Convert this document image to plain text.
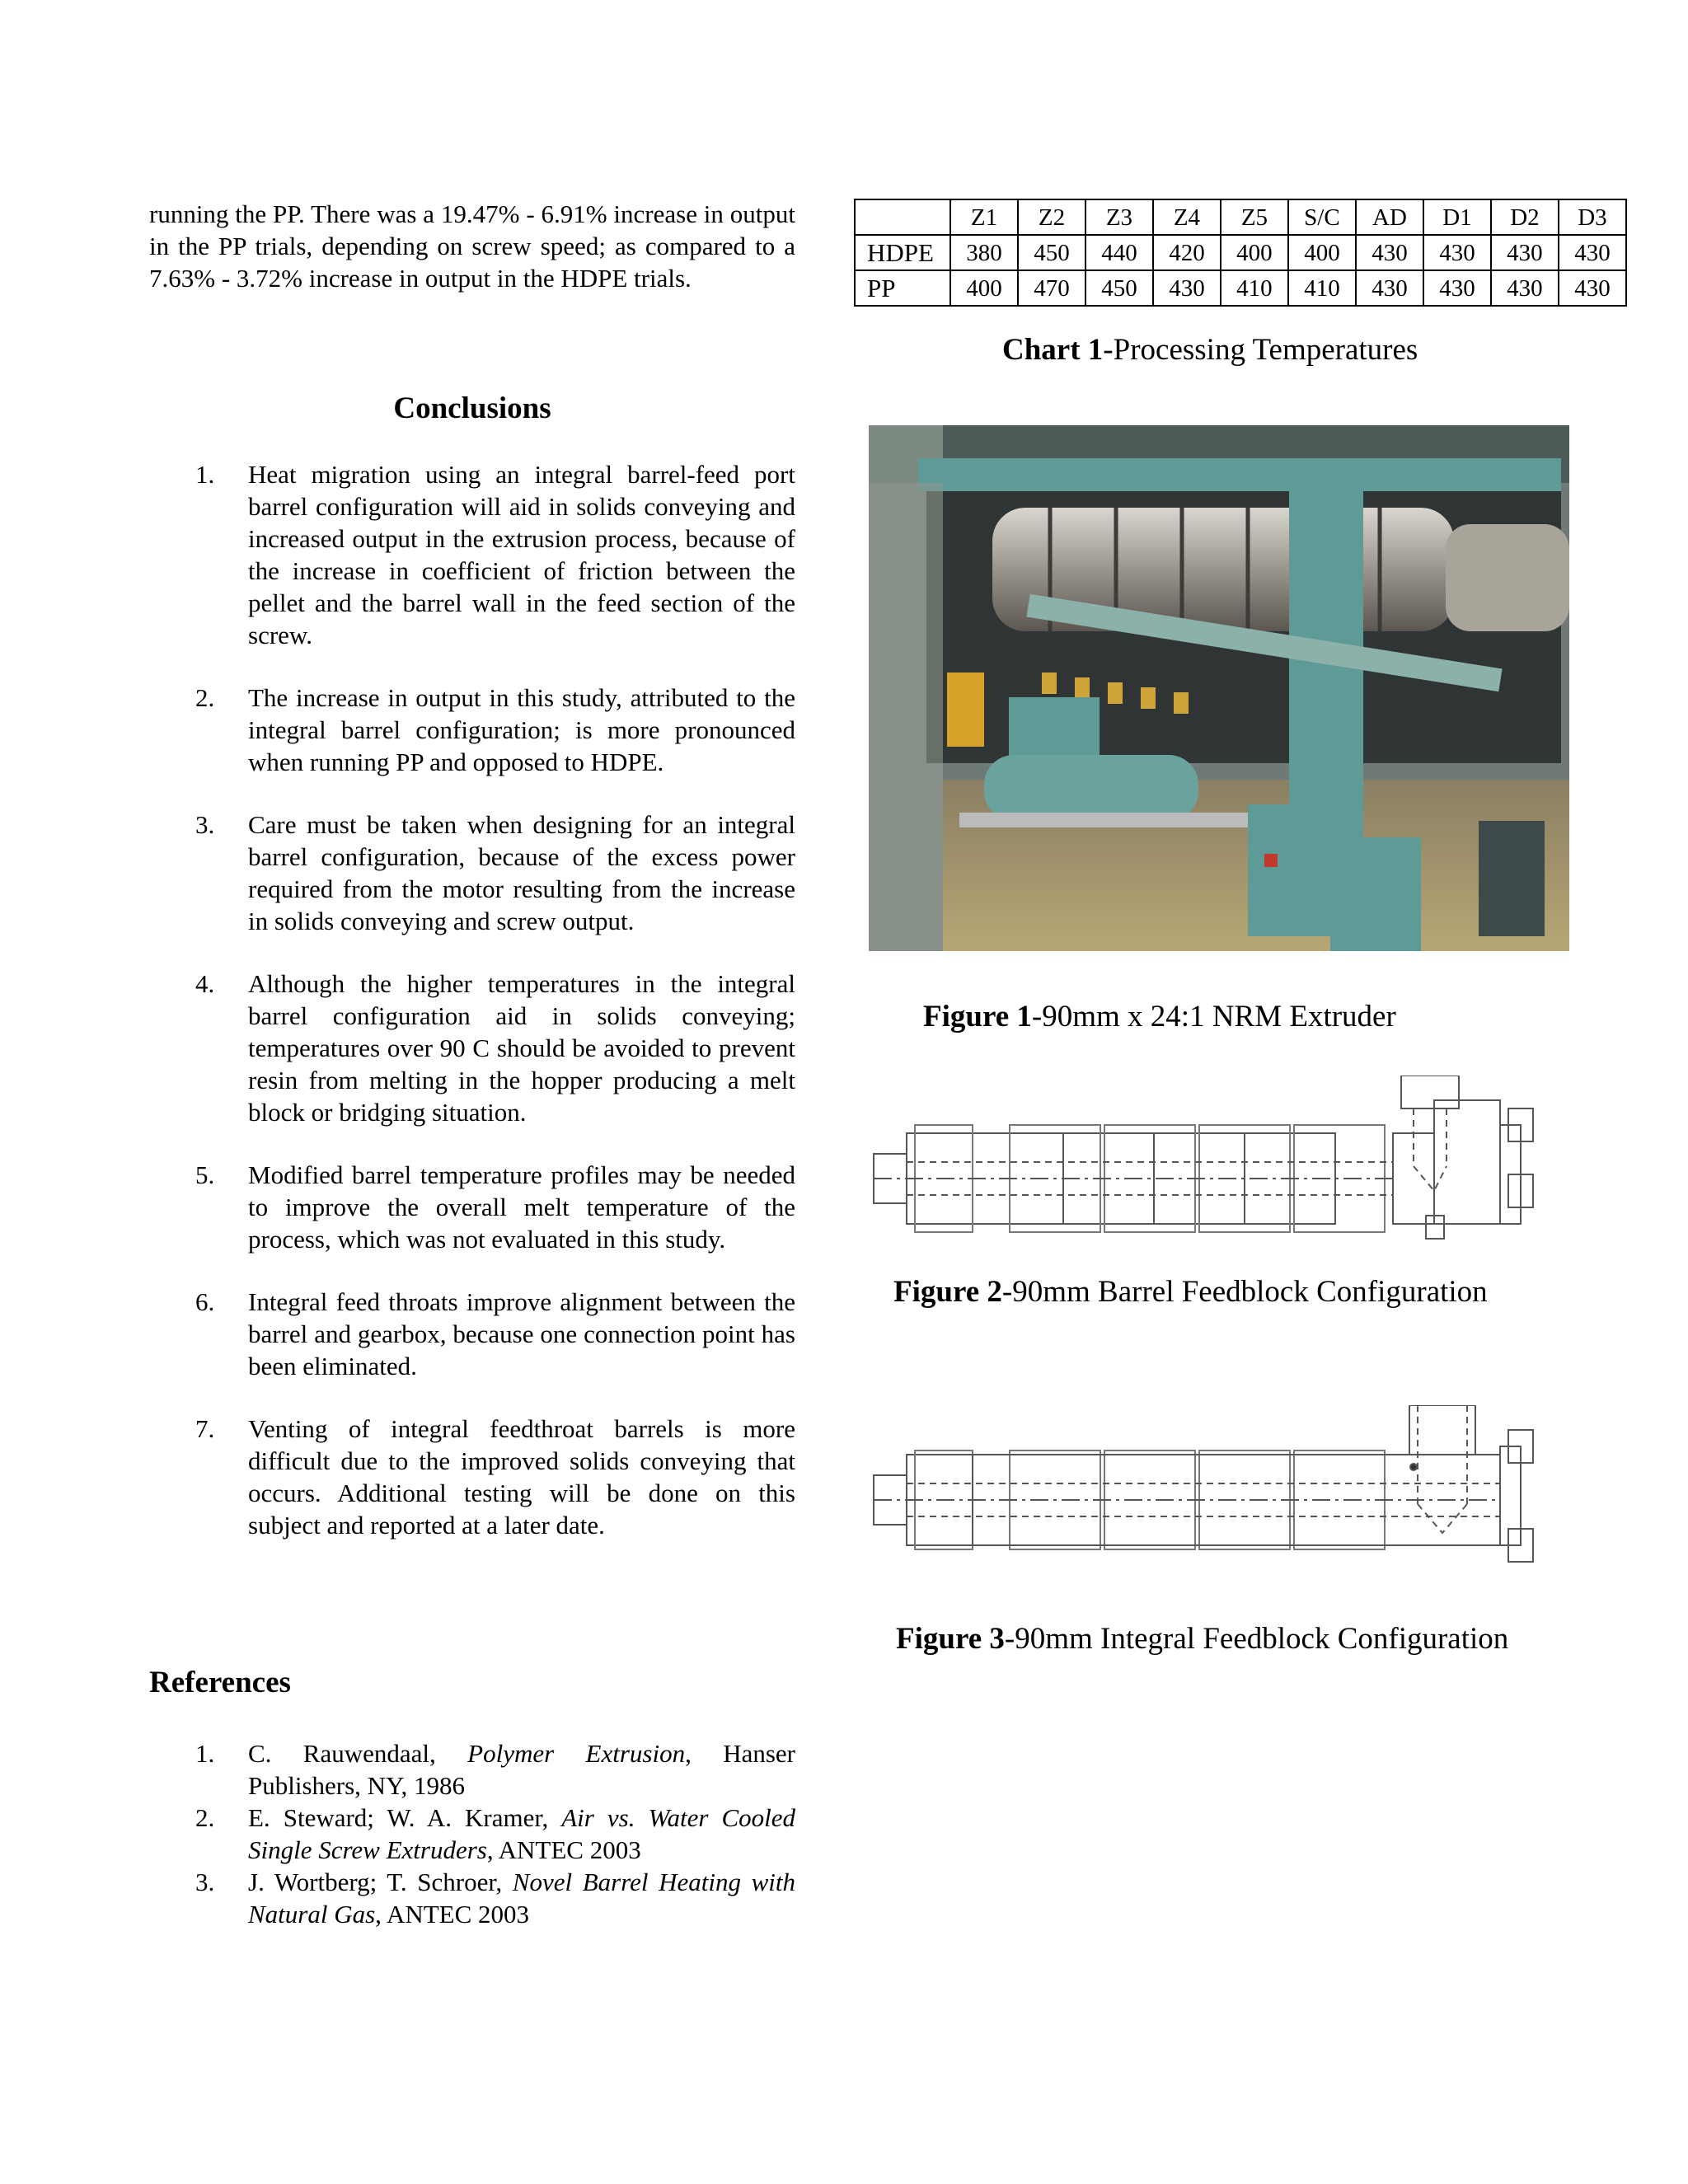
running the PP. There was a 19.47% - 6.91% increase in output in the PP trials, depending on screw speed; as compared to a 7.63% - 3.72% increase in output in the HDPE trials.

Conclusions
1. Heat migration using an integral barrel-feed port barrel configuration will aid in solids conveying and increased output in the extrusion process, because of the increase in coefficient of friction between the pellet and the barrel wall in the feed section of the screw.
2. The increase in output in this study, attributed to the integral barrel configuration; is more pronounced when running PP and opposed to HDPE.
3. Care must be taken when designing for an integral barrel configuration, because of the excess power required from the motor resulting from the increase in solids conveying and screw output.
4. Although the higher temperatures in the integral barrel configuration aid in solids conveying; temperatures over 90 C should be avoided to prevent resin from melting in the hopper producing a melt block or bridging situation.
5. Modified barrel temperature profiles may be needed to improve the overall melt temperature of the process, which was not evaluated in this study.
6. Integral feed throats improve alignment between the barrel and gearbox, because one connection point has been eliminated.
7. Venting of integral feedthroat barrels is more difficult due to the improved solids conveying that occurs. Additional testing will be done on this subject and reported at a later date.
References
1. C. Rauwendaal, Polymer Extrusion, Hanser Publishers, NY, 1986
2. E. Steward; W. A. Kramer, Air vs. Water Cooled Single Screw Extruders, ANTEC 2003
3. J. Wortberg; T. Schroer, Novel Barrel Heating with Natural Gas, ANTEC 2003
	Z1	Z2	Z3	Z4	Z5	S/C	AD	D1	D2	D3
HDPE	380	450	440	420	400	400	430	430	430	430
PP	400	470	450	430	410	410	430	430	430	430
Chart 1-Processing Temperatures
Figure 1-90mm x 24:1 NRM Extruder
Figure 2-90mm Barrel Feedblock Configuration
Figure 3-90mm Integral Feedblock Configuration
